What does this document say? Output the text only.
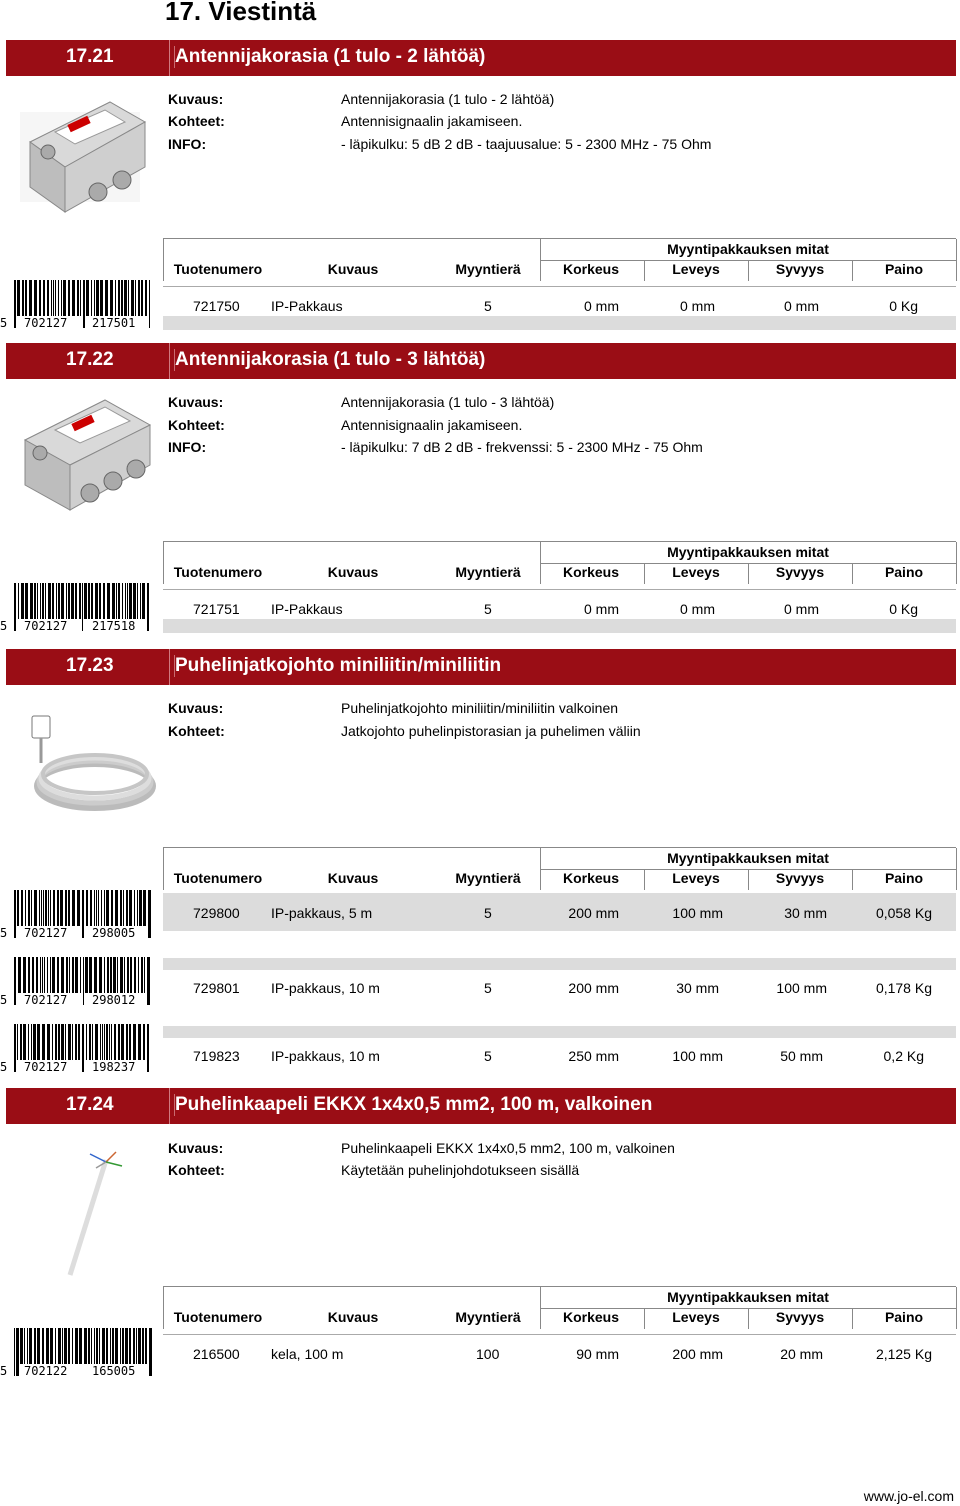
17. Viestintä
17.21	Antennijakorasia (1 tulo - 2 lähtöä)
Kuvaus:	Antennijakorasia (1 tulo - 2 lähtöä)
Kohteet:	Antennisignaalin jakamiseen.
INFO:	- läpikulku: 5 dB 2 dB - taajuusalue: 5 - 2300 MHz - 75 Ohm
Myyntipakkauksen mitat
Tuotenumero	Kuvaus	Myyntierä	Korkeus	Leveys	Syvyys	Paino
721750 IP-Pakkaus	5	0 mm	0 mm	0 mm	0 Kg
5 702127 217501
17.22	Antennijakorasia (1 tulo - 3 lähtöä)
Kuvaus:	Antennijakorasia (1 tulo - 3 lähtöä)
Kohteet:	Antennisignaalin jakamiseen.
INFO:	- läpikulku: 7 dB 2 dB - frekvenssi: 5 - 2300 MHz - 75 Ohm
Myyntipakkauksen mitat
Tuotenumero	Kuvaus	Myyntierä	Korkeus	Leveys	Syvyys	Paino
721751 IP-Pakkaus	5	0 mm	0 mm	0 mm	0 Kg
5 702127 217518
17.23	Puhelinjatkojohto miniliitin/miniliitin
Kuvaus:	Puhelinjatkojohto miniliitin/miniliitin valkoinen
Kohteet:	Jatkojohto puhelinpistorasian ja puhelimen väliin
Myyntipakkauksen mitat
Tuotenumero	Kuvaus	Myyntierä	Korkeus	Leveys	Syvyys	Paino
729800 IP-pakkaus, 5 m	5	200 mm	100 mm	30 mm	0,058 Kg
729801 IP-pakkaus, 10 m	5	200 mm	30 mm	100 mm	0,178 Kg
719823 IP-pakkaus, 10 m	5	250 mm	100 mm	50 mm	0,2 Kg
5 702127 298005
5 702127 298012
5 702127 198237
17.24	Puhelinkaapeli EKKX 1x4x0,5 mm2, 100 m, valkoinen
Kuvaus:	Puhelinkaapeli EKKX 1x4x0,5 mm2, 100 m, valkoinen
Kohteet:	Käytetään puhelinjohdotukseen sisällä
Myyntipakkauksen mitat
Tuotenumero	Kuvaus	Myyntierä	Korkeus	Leveys	Syvyys	Paino
216500 kela, 100 m	100	90 mm	200 mm	20 mm	2,125 Kg
5 702122 165005
www.jo-el.com
